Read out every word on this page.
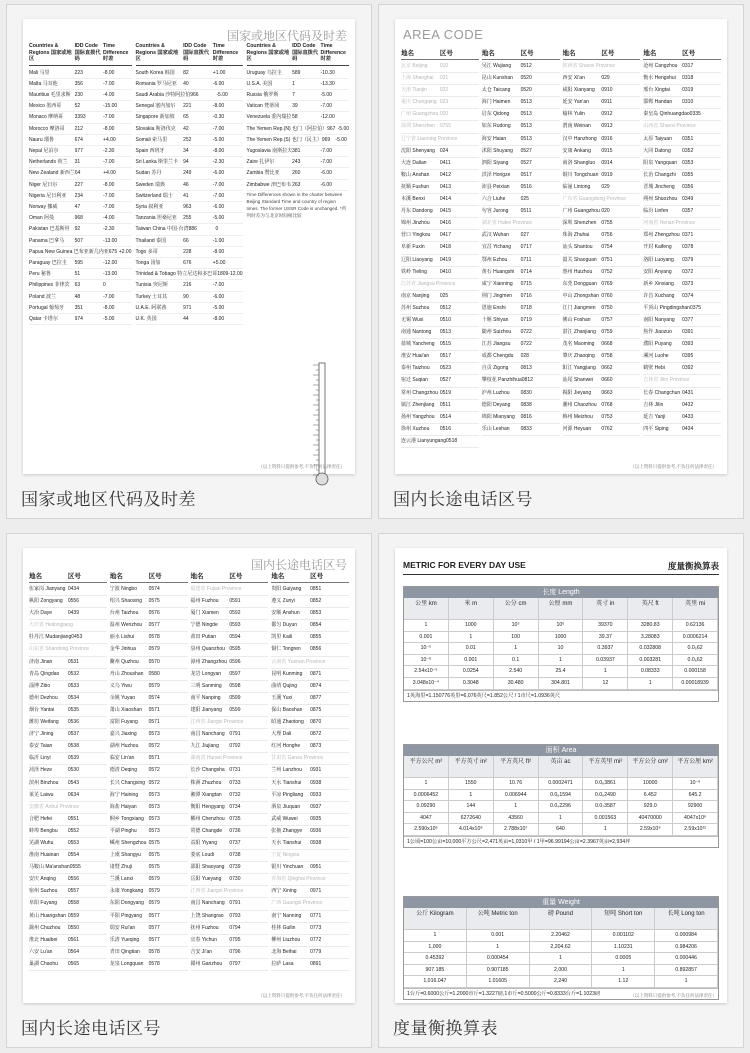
国家或地区代码及时差
Countries & Regions 国家或地区
IDD Code 国际直拨代码
Time Difference 时差
Mali 马里	223	-8.00
Malta 马耳他	356	-7.00
Mauritius 毛里求斯 230	-4.00
Mexico 墨西哥	52	-15.00
Monaco 摩纳哥	3393	-7.00
Morocco 摩洛哥	212	-8.00
Nauru 瑙鲁	674	+4.00
Nepal 尼泊尔	977	-2.30
Netherlands 荷兰	31	-7.00
New Zealand 新西兰 64	+4.00
Niger 尼日尔	227	-8.00
Nigeria 尼日利亚	234	-7.00
Norway 挪威	47	-7.00
Oman 阿曼	968	-4.00
Pakistan 巴基斯坦 92	-2.30
Panama 巴拿马	507	-13.00
Papua New Guinea 巴布亚新几内亚 675 +2.00
Paraguay 巴拉圭	595	-12.00
Peru 秘鲁	51	-13.00
Philippines 菲律宾 63	0
Poland 波兰	48	-7.00
Portugal 葡萄牙	351	-8.00
Qatar 卡塔尔	974	-5.00
Countries & Regions 国家或地区
IDD Code 国际直拨代码
Time Difference 时差
South Korea 韩国	82	+1.00
Romania 罗马尼亚	40	-6.00
Saudi Arabia 沙特阿拉伯 966	-5.00
Senegal 塞内加尔	221	-8.00
Singapore 新加坡	65	-0.30
Slovakia 斯洛伐克	42	-7.00
Somali 索马里	252	-5.00
Spain 西班牙	34	-8.00
Sri Lanka 斯里兰卡	94	-2.30
Sudan 苏丹	249	-6.00
Sweden 瑞典	46	-7.00
Switzerland 瑞士	41	-7.00
Syria 叙利亚	963	-6.00
Tanzania 坦桑尼亚	255	-5.00
Taiwan China 中国·台湾 886	0
Thailand 泰国	66	-1.00
Togo 多哥	228	-8.00
Tonga 汤加	676	+5.00
Trinidad & Tobago 特立尼达和多巴哥 1809 -12.00
Tunisia 突尼斯	216	-7.00
Turkey 土耳其	90	-6.00
U.A.E. 阿联酋	971	-5.00
U.K. 英国	44	-8.00
Countries & Regions 国家或地区
IDD Code 国际直拨代码
Time Difference 时差
Uruguay 乌拉圭	589	-10.30
U.S.A. 美国	1	-13.30
Russia 俄罗斯	7	-5.00
Vatican 梵蒂冈	39	-7.00
Venezuela 委内瑞拉 58	-12.00
The Yemen Rep.(N) 也门（阿拉伯） 967 -5.00
The Yemen Rep.(S) 也门（民主） 969	-5.00
Yugoslavia 南斯拉夫 381	-7.00
Zaire 扎伊尔	243	-7.00
Zambia 赞比亚	260	-6.00
Zimbabwe 津巴布韦 263	-6.00
Time Differences shown in the charter between Beijing Standard Time and country of region times. The former USSR Code is unchanged. *所列时差为与北京时间相比较
（以上资料只提供参考,不负任何法律责任）
国家或地区代码及时差
AREA CODE
地名	区号
北京 Beijing	010
上海 Shanghai	021
天津 Tianjin	022
重庆 Chongqing 023
广州 Guangzhou 020
深圳 Shenzhen 0755
辽宁省 Liaoning Province
沈阳 Shenyang 024
大连 Dalian	0411
鞍山 Anshan	0412
抚顺 Fushun	0413
本溪 Benxi	0414
丹东 Dandong	0415
锦州 Jinzhou	0416
营口 Yingkou	0417
阜新 Fuxin	0418
辽阳 Liaoyang	0419
铁岭 Tieling	0410
江苏省 Jiangsu Province
南京 Nanjing	025
苏州 Suzhou	0512
无锡 Wuxi	0510
南通 Nantong	0513
盐城 Yancheng	0515
淮安 Huai'an	0517
泰州 Taizhou	0523
宿迁 Suqian	0527
常州 Changzhou 0519
镇江 Zhenjiang	0511
扬州 Yangzhou	0514
徐州 Xuzhou	0516
连云港 Lianyungang 0518
地名	区号
吴江 Wujiang	0512
昆山 Kunshan	0520
太仓 Taicang	0520
海门 Haimen	0513
启东 Qidong	0513
如东 Rudong	0513
海安 Haian	0513
沭阳 Shuyang	0527
泗阳 Siyang	0527
洪泽 Hongze	0517
沛县 Peixian	0516
六合 Liuhe	025
句容 Jurong	0511
湖北省 Hubei Province
武汉 Wuhan	027
宜昌 Yichang	0717
鄂州 Ezhou	0711
黄石 Huangshi	0714
咸宁 Xianning	0715
荆门 Jingmen	0716
恩施 Enshi	0718
十堰 Shiyan	0719
随州 Suizhou	0722
江苏 Jiangsu	0722
成都 Chengdu	028
自贡 Zigong	0813
攀枝花 Panzhihua 0812
泸州 Luzhou	0830
德阳 Deyang	0838
绵阳 Mianyang	0816
乐山 Leshan	0833
地名	区号
陕西省 Shanxi Province
西安 Xi'an	029
咸阳 Xianyang	0910
延安 Yan'an	0911
榆林 Yulin	0912
渭南 Weinan	0913
汉中 Hanzhong 0916
安康 Ankang	0915
商洛 Shangluo	0914
铜川 Tongchuan 0919
临潼 Lintong	029
广东省 Guangdong Province
广州 Guangzhou 020
深圳 Shenzhen 0755
珠海 Zhuhai	0756
汕头 Shantou	0754
韶关 Shaoguan 0751
惠州 Huizhou	0752
东莞 Dongguan 0769
中山 Zhongshan 0760
江门 Jiangmen	0750
佛山 Foshan	0757
湛江 Zhanjiang	0759
茂名 Maoming	0668
肇庆 Zhaoqing	0758
阳江 Yangjiang	0662
汕尾 Shanwei	0660
揭阳 Jieyang	0663
潮州 Chaozhou 0768
梅州 Meizhou	0753
河源 Heyuan	0762
地名	区号
沧州 Cangzhou 0317
衡水 Hengshui	0318
邢台 Xingtai	0319
邯郸 Handan	0310
秦皇岛 Qinhuangdao 0335
山西省 Shanxi Province
太原 Taiyuan	0351
大同 Datong	0352
阳泉 Yangquan	0353
长治 Changzhi	0355
晋城 Jincheng	0356
朔州 Shuozhou 0349
临汾 Linfen	0357
河南省 Henan Province
郑州 Zhengzhou 0371
开封 Kaifeng	0378
洛阳 Luoyang	0379
安阳 Anyang	0372
新乡 Xinxiang	0373
许昌 Xuchang	0374
平顶山 Pingdingshan 0375
南阳 Nanyang	0377
焦作 Jiaozuo	0391
濮阳 Puyang	0393
漯河 Luohe	0395
鹤壁 Hebi	0392
吉林省 Jilin Province
长春 Changchun 0431
吉林 Jilin	0432
延吉 Yanji	0433
四平 Siping	0434
（以上资料只提供参考,不负任何法律责任）
国内长途电话区号
国内长途电话区号
地名	区号
伍家岗 Jianyang 0434
枞阳 Zongyang	0556
大冶 Daye	0439
大庆省 Heilongjiang
牡丹江 Mudanjiang 0453
山东省 Shandong Province
济南 Jinan	0531
青岛 Qingdao	0532
淄博 Zibo	0533
德州 Dezhou	0534
烟台 Yantai	0535
潍坊 Weifang	0536
济宁 Jining	0537
泰安 Taian	0538
临沂 Linyi	0539
菏泽 Heze	0530
滨州 Binzhou	0543
莱芜 Laiwu	0634
安徽省 Anhui Province
合肥 Hefei	0551
蚌埠 Bengbu	0552
芜湖 Wuhu	0553
淮南 Huainan	0554
马鞍山 Ma'anshan 0555
安庆 Anqing	0556
宿州 Suzhou	0557
阜阳 Fuyang	0558
黄山 Huangshan 0559
滁州 Chuzhou	0550
淮北 Huaibei	0561
六安 Lu'an	0564
巢湖 Chaohu	0565
地名	区号
宁波 Ningbo	0574
绍兴 Shaoxing	0575
台州 Taizhou	0576
温州 Wenzhou	0577
丽水 Lishui	0578
金华 Jinhua	0579
衢州 Quzhou	0570
舟山 Zhoushan	0580
义乌 Yiwu	0579
余姚 Yuyao	0574
萧山 Xiaoshan	0571
富阳 Fuyang	0571
嘉兴 Jiaxing	0573
湖州 Huzhou	0572
临安 Lin'an	0571
德清 Deqing	0572
长兴 Changxing 0572
海宁 Haining	0573
海盐 Haiyan	0573
桐乡 Tongxiang 0573
平湖 Pinghu	0573
嵊州 Shengzhou 0575
上虞 Shangyu	0575
诸暨 Zhuji	0575
兰溪 Lanxi	0579
永康 Yongkang	0579
东阳 Dongyang 0579
平阳 Pingyang	0577
瑞安 Rui'an	0577
乐清 Yueqing	0577
青田 Qingtian	0578
龙泉 Longquan	0578
地名	区号
福建省 Fujian Province
福州 Fuzhou	0591
厦门 Xiamen	0592
宁德 Ningde	0593
莆田 Putian	0594
泉州 Quanzhou 0595
漳州 Zhangzhou 0596
龙岩 Longyan	0597
三明 Sanming	0598
南平 Nanping	0599
建阳 Jianyang	0599
江西省 Jiangxi Province
南昌 Nanchang 0791
九江 Jiujiang	0792
湖南省 Hunan Province
长沙 Changsha 0731
株洲 Zhuzhou	0733
湘潭 Xiangtan	0732
衡阳 Hengyang 0734
郴州 Chenzhou 0735
常德 Changde	0736
益阳 Yiyang	0737
娄底 Loudi	0738
邵阳 Shaoyang 0739
岳阳 Yueyang	0730
江西省 Jiangxi Province
南昌 Nanchang 0791
上饶 Shangrao	0793
抚州 Fuzhou	0794
宜春 Yichun	0795
吉安 Ji'an	0796
赣州 Ganzhou	0797
地名	区号
贵阳 Guiyang	0851
遵义 Zunyi	0852
安顺 Anshun	0853
都匀 Duyun	0854
凯里 Kaili	0855
铜仁 Tongren	0856
云南省 Yunnan Province
昆明 Kunming	0871
曲靖 Qujing	0874
玉溪 Yuxi	0877
保山 Baoshan	0875
昭通 Zhaotong	0870
大理 Dali	0872
红河 Honghe	0873
甘肃省 Gansu Province
兰州 Lanzhou	0931
天水 Tianshui	0938
平凉 Pingliang	0933
酒泉 Jiuquan	0937
武威 Wuwei	0935
张掖 Zhangye	0936
天水 Tianshui	0938
宁夏 Ningxia
银川 Yinchuan	0951
青海省 Qinghai Province
西宁 Xining	0971
广西 Guangxi Province
南宁 Nanning	0771
桂林 Guilin	0773
柳州 Liuzhou	0772
北海 Beihai	0779
拉萨 Lasa	0891
（以上资料只提供参考,不负任何法律责任）
国内长途电话区号
METRIC FOR EVERY DAY USE	度量衡换算表
长度 Length
公里 km	米 m	公分 cm	公厘 mm	英寸 in	英尺 ft	英里 mi
1	1000	10⁵	10⁶	39370	3280.83	0.62136
0.001	1	100	1000	39.37	3.28083	0.0006214
10⁻⁵	0.01	1	10	0.3937	0.032808	0.0₅62
10⁻⁶	0.001	0.1	1	0.03937	0.003281	0.0₆62
2.54x10⁻⁵	0.0254	2.540	25.4	1	0.08333	0.000158
3.048x10⁻⁴	0.3048	30.480	304.801	12	1	0.00018939
1英海里=1.150776英里=6,076英尺=1.852公尺 / 1市尺=1.0936英尺
面积 Area
平方公尺 m²	平方英寸 in²	平方英尺 ft²	英亩 ac	平方英里 mi²	平方公分 cm²	平方公厘 km²
1	1550	10.76	0.0002471	0.0₆3861	10000	10⁻⁶
0.0006452	1	0.006944	0.0₆1594	0.0₆2490	6.452	645.2
0.09290	144	1	0.0₄2296	0.0₇3587	929.0	92900
4047	6272640	43560	1	0.001563	40470000	4047x10⁶
2.590x10⁶	4.014x10⁹	2.788x10⁷	640	1	2.59x10⁹	2.59x10¹²
1公顷=100公亩=10,000平方公尺=2,471英亩=1,0310甲 / 1甲=96.99194公亩=2.3967英亩=2,934坪
重量 Weight
公斤 Kilogram	公吨 Metric ton	磅 Pound	短吨 Short ton	长吨 Long ton
1	0.001	2.20462	0.001102	0.000984
1,000	1	2,204.62	1.10231	0.984206
0.45392	0.000454	1	0.0005	0.000446
907.185	0.907185	2,000	1	0.892857
1,016.047	1.01605	2,240	1.12	1
1台斤=0.6000公斤=1.2000市斤=1.3227磅,1市斤=0.5000公斤=0.8333台斤=1.1023磅	（以上资料只提供参考,不负任何法律责任）
度量衡换算表
